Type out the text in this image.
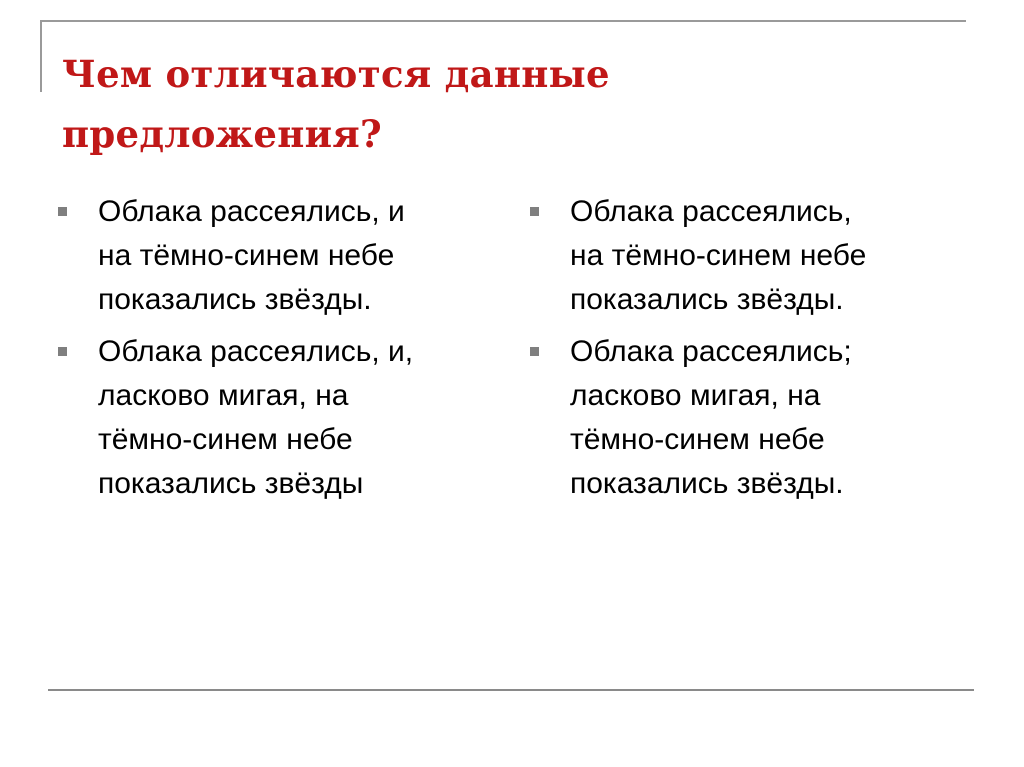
Чем отличаются данные
предложения?
Облака рассеялись, и
на тёмно-синем небе
показались звёзды.
Облака рассеялись, и,
ласково мигая, на
тёмно-синем небе
показались звёзды
Облака рассеялись,
на тёмно-синем небе
показались звёзды.
Облака рассеялись;
ласково мигая, на
тёмно-синем небе
показались звёзды.
